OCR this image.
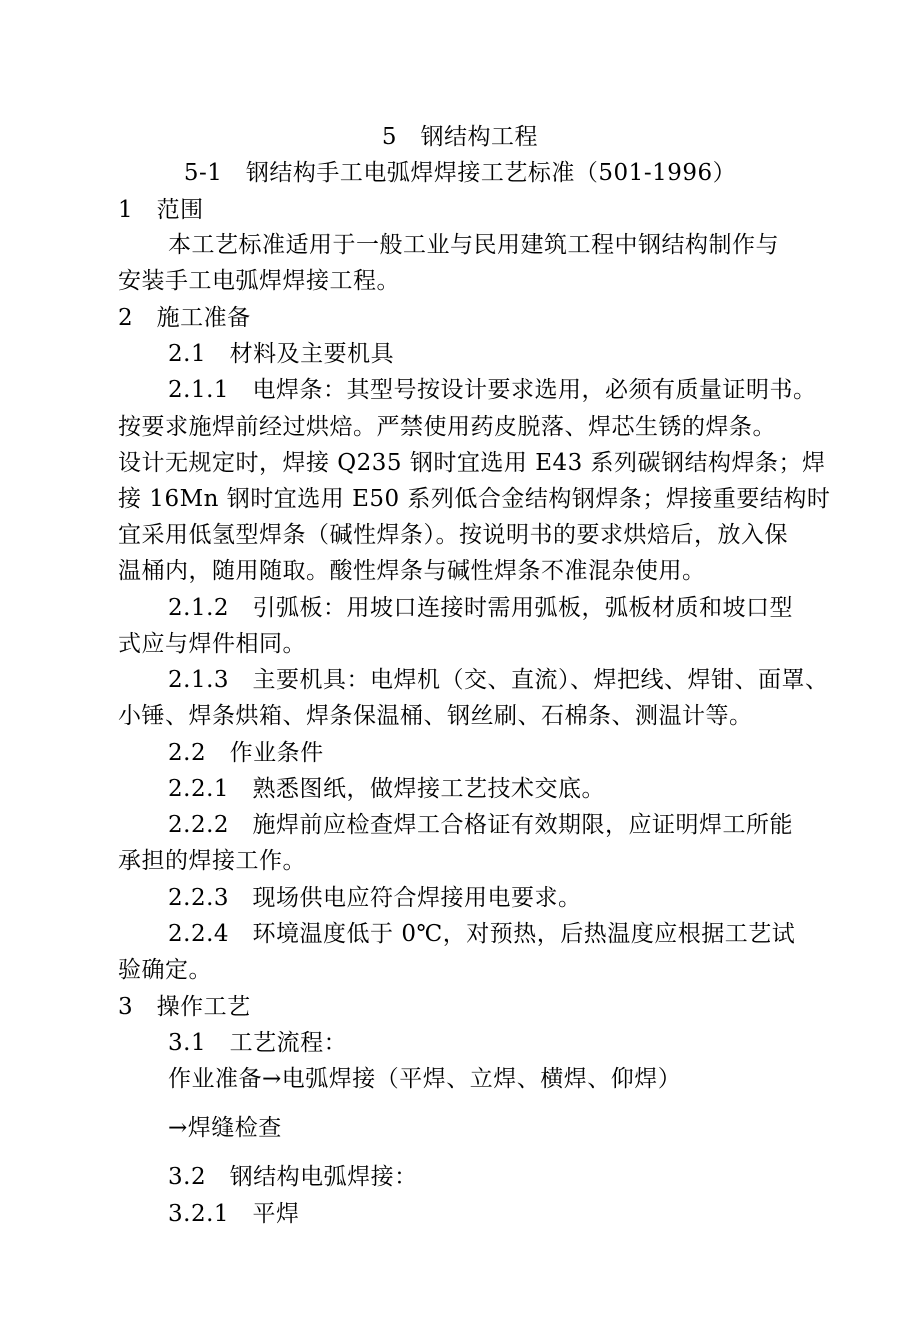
5　钢结构工程
5-1　钢结构手工电弧焊焊接工艺标准（501-1996）
1　范围
本工艺标准适用于一般工业与民用建筑工程中钢结构制作与
安装手工电弧焊焊接工程。
2　施工准备
2.1　材料及主要机具
2.1.1　电焊条：其型号按设计要求选用，必须有质量证明书。
按要求施焊前经过烘焙。严禁使用药皮脱落、焊芯生锈的焊条。
设计无规定时，焊接 Q235 钢时宜选用 E43 系列碳钢结构焊条；焊
接 16Mn 钢时宜选用 E50 系列低合金结构钢焊条；焊接重要结构时
宜采用低氢型焊条（碱性焊条）。按说明书的要求烘焙后，放入保
温桶内，随用随取。酸性焊条与碱性焊条不准混杂使用。
2.1.2　引弧板：用坡口连接时需用弧板，弧板材质和坡口型
式应与焊件相同。
2.1.3　主要机具：电焊机（交、直流）、焊把线、焊钳、面罩、
小锤、焊条烘箱、焊条保温桶、钢丝刷、石棉条、测温计等。
2.2　作业条件
2.2.1　熟悉图纸，做焊接工艺技术交底。
2.2.2　施焊前应检查焊工合格证有效期限，应证明焊工所能
承担的焊接工作。
2.2.3　现场供电应符合焊接用电要求。
2.2.4　环境温度低于 0℃，对预热，后热温度应根据工艺试
验确定。
3　操作工艺
3.1　工艺流程：
作业准备→电弧焊接（平焊、立焊、横焊、仰焊）
→焊缝检查
3.2　钢结构电弧焊接：
3.2.1　平焊
